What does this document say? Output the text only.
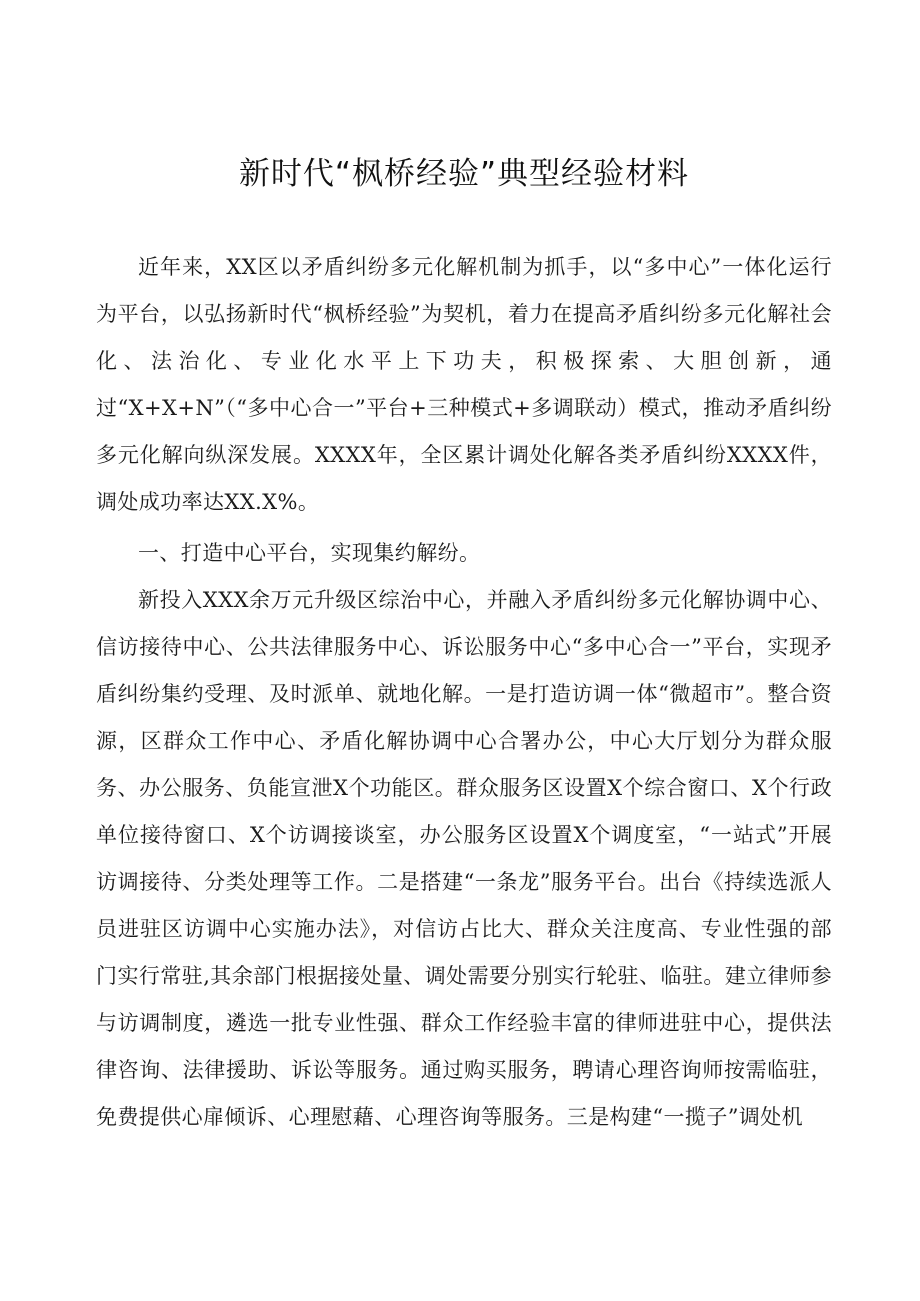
新时代“枫桥经验”典型经验材料

近年来，XX区以矛盾纠纷多元化解机制为抓手，以“多中心”一体化运行为平台，以弘扬新时代“枫桥经验”为契机，着力在提高矛盾纠纷多元化解社会化、法治化、专业化水平上下功夫，积极探索、大胆创新，通过“X+X+N”（“多中心合一”平台+三种模式+多调联动）模式，推动矛盾纠纷多元化解向纵深发展。XXXX年，全区累计调处化解各类矛盾纠纷XXXX件，调处成功率达XX.X%。

一、打造中心平台，实现集约解纷。

新投入XXX余万元升级区综治中心，并融入矛盾纠纷多元化解协调中心、信访接待中心、公共法律服务中心、诉讼服务中心“多中心合一”平台，实现矛盾纠纷集约受理、及时派单、就地化解。一是打造访调一体“微超市”。整合资源，区群众工作中心、矛盾化解协调中心合署办公，中心大厅划分为群众服务、办公服务、负能宣泄X个功能区。群众服务区设置X个综合窗口、X个行政单位接待窗口、X个访调接谈室，办公服务区设置X个调度室，“一站式”开展访调接待、分类处理等工作。二是搭建“一条龙”服务平台。出台《持续选派人员进驻区访调中心实施办法》，对信访占比大、群众关注度高、专业性强的部门实行常驻,其余部门根据接处量、调处需要分别实行轮驻、临驻。建立律师参与访调制度，遴选一批专业性强、群众工作经验丰富的律师进驻中心，提供法律咨询、法律援助、诉讼等服务。通过购买服务，聘请心理咨询师按需临驻，免费提供心扉倾诉、心理慰藉、心理咨询等服务。三是构建“一揽子”调处机
